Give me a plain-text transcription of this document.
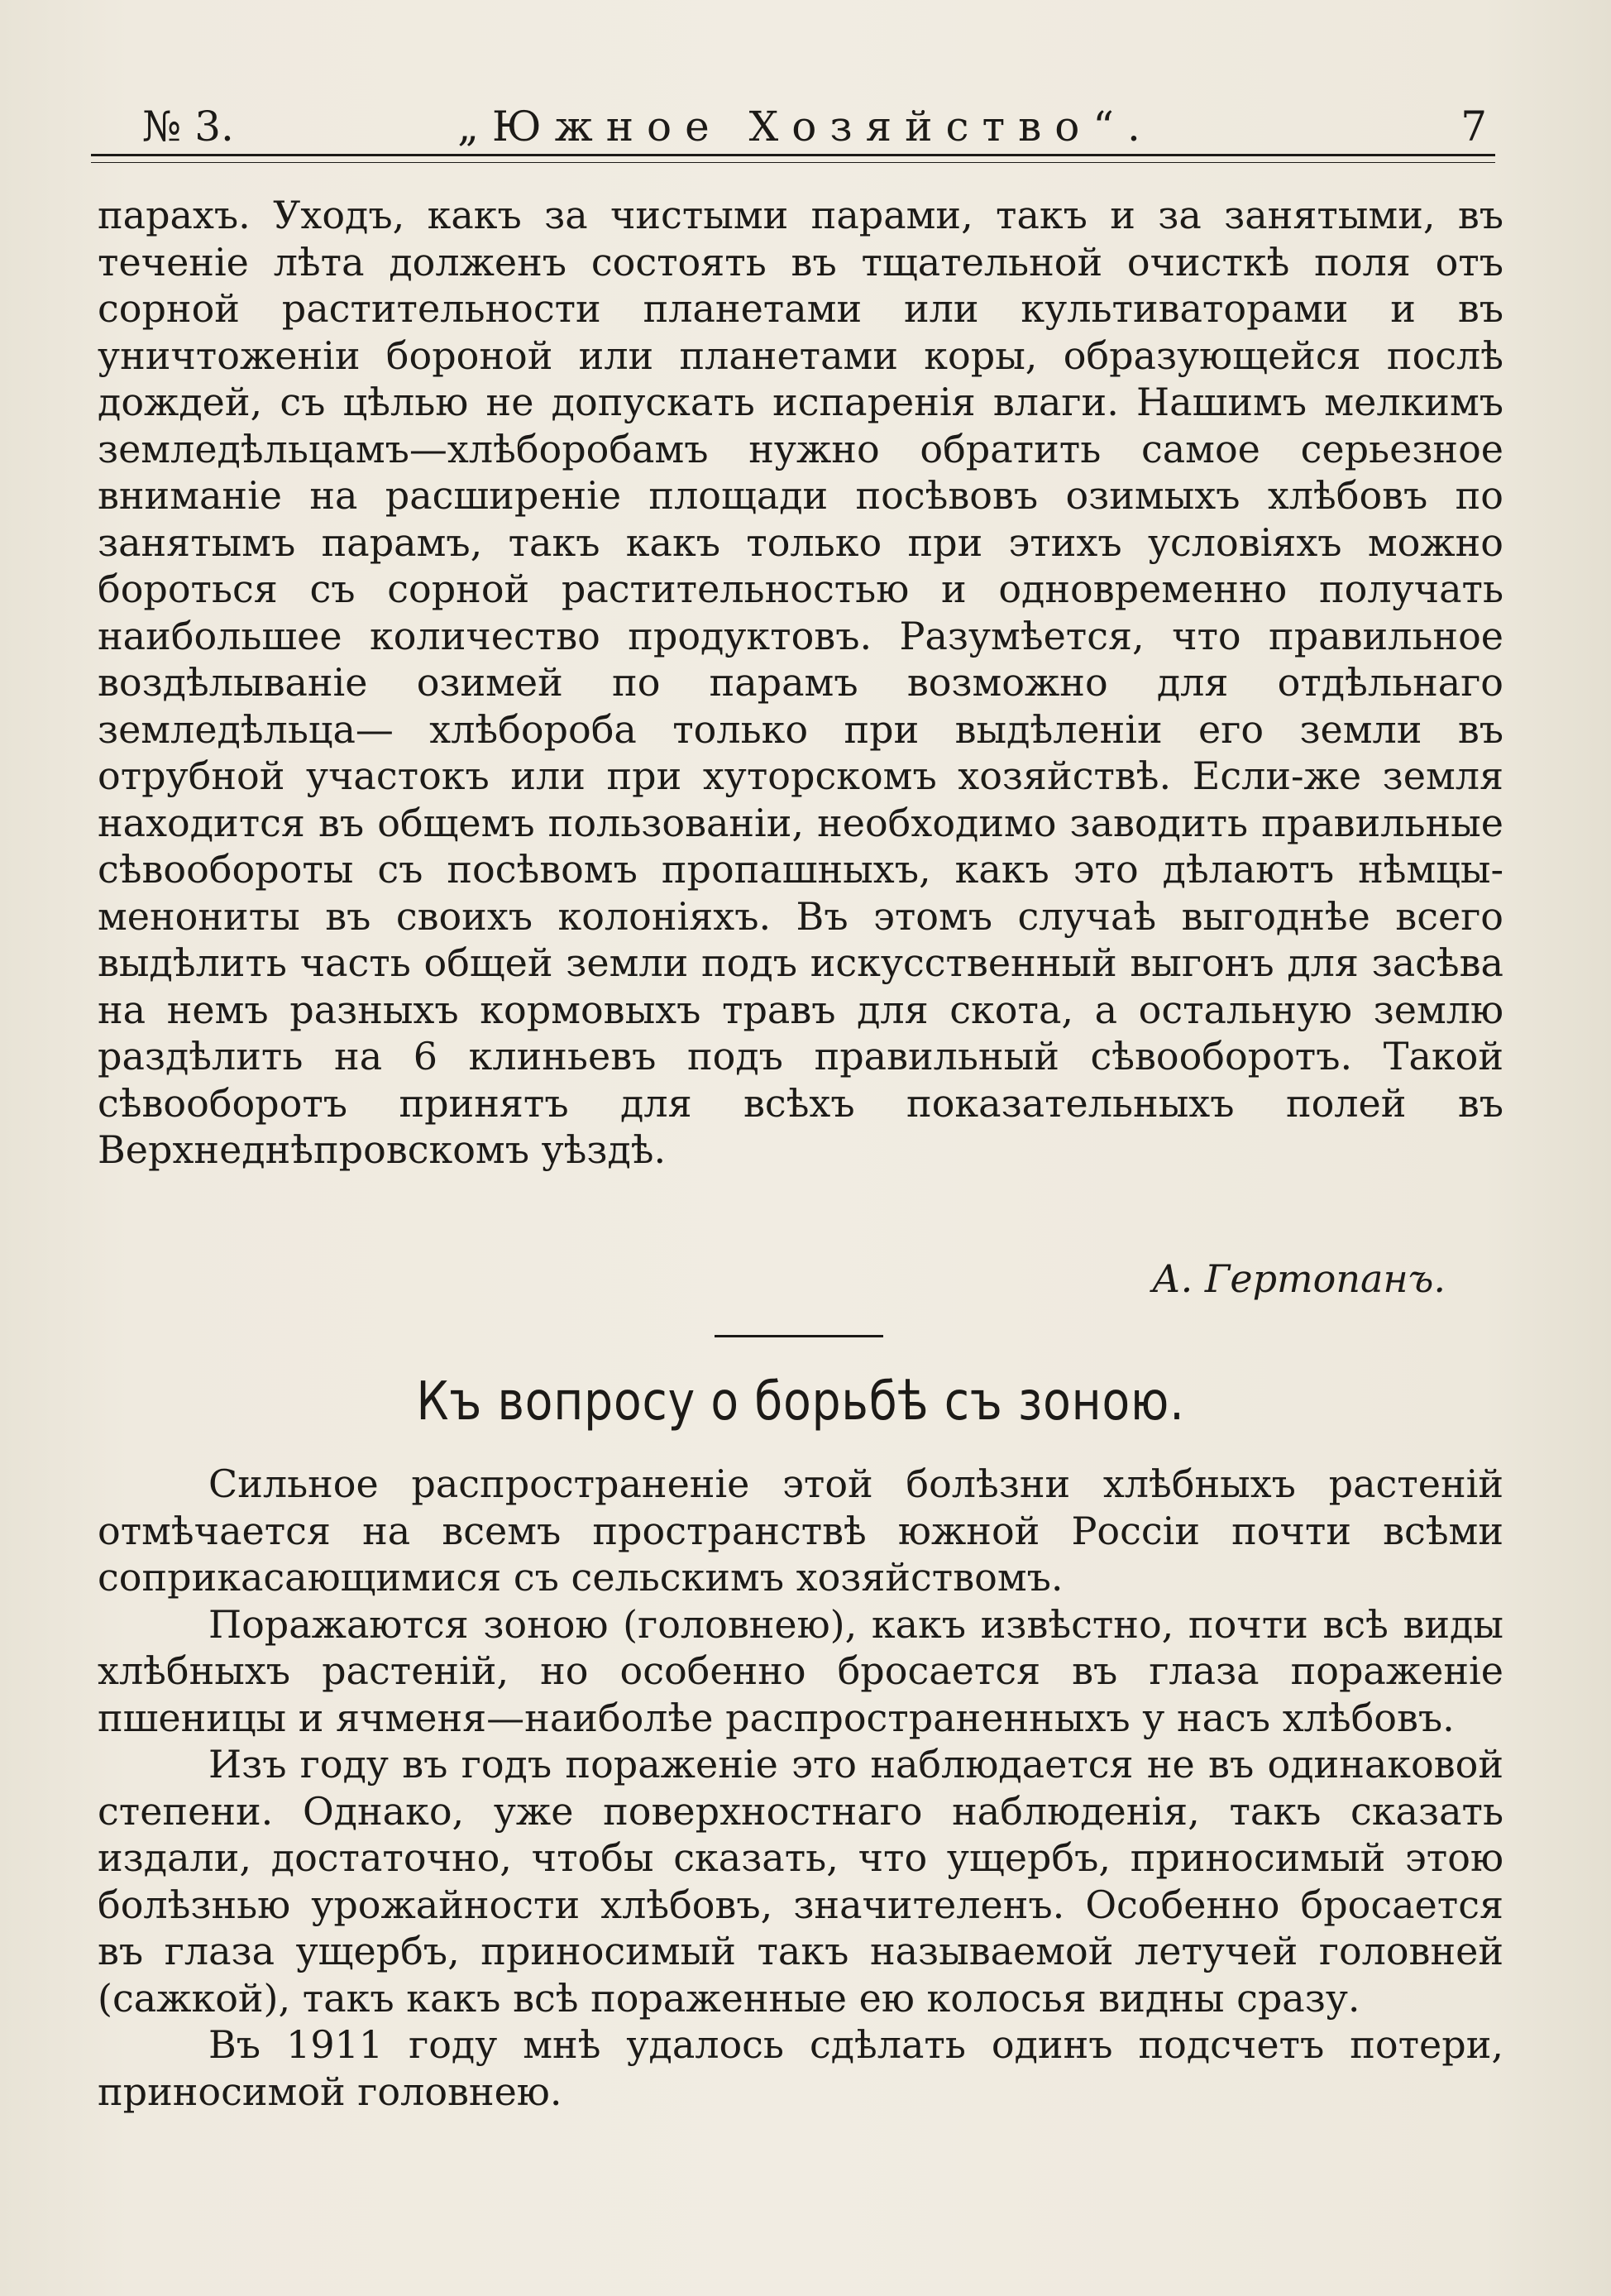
№ 3.	„Южное Хозяйство“.	7

парахъ. Уходъ, какъ за чистыми парами, такъ и за занятыми, въ теченіе лѣта долженъ состоять въ тщательной очисткѣ поля отъ сорной растительности планетами или культиваторами и въ уничтоженіи бороной или планетами коры, образующейся послѣ дождей, съ цѣлью не допускать испаренія влаги. Нашимъ мелкимъ земледѣльцамъ—хлѣборобамъ нужно обратить самое серьезное вниманіе на расширеніе площади посѣвовъ озимыхъ хлѣбовъ по занятымъ парамъ, такъ какъ только при этихъ условіяхъ можно бороться съ сорной растительностью и одновременно получать наибольшее количество продуктовъ. Разумѣется, что правильное воздѣлываніе озимей по парамъ возможно для отдѣльнаго земледѣльца— хлѣбороба только при выдѣленіи его земли въ отрубной участокъ или при хуторскомъ хозяйствѣ. Если-же земля находится въ общемъ пользованіи, необходимо заводить правильные сѣвообороты съ посѣвомъ пропашныхъ, какъ это дѣлаютъ нѣмцы-менониты въ своихъ колоніяхъ. Въ этомъ случаѣ выгоднѣе всего выдѣлить часть общей земли подъ искусственный выгонъ для засѣва на немъ разныхъ кормовыхъ травъ для скота, а остальную землю раздѣлить на 6 клиньевъ подъ правильный сѣвооборотъ. Такой сѣвооборотъ принятъ для всѣхъ показательныхъ полей въ Верхнеднѣпровскомъ уѣздѣ.

А. Гертопанъ.
Къ вопросу о борьбѣ съ зоною.

Сильное распространеніе этой болѣзни хлѣбныхъ растеній отмѣчается на всемъ пространствѣ южной Россіи почти всѣми соприкасающимися съ сельскимъ хозяйствомъ.

Поражаются зоною (головнею), какъ извѣстно, почти всѣ виды хлѣбныхъ растеній, но особенно бросается въ глаза пораженіе пшеницы и ячменя—наиболѣе распространенныхъ у насъ хлѣбовъ.

Изъ году въ годъ пораженіе это наблюдается не въ одинаковой степени. Однако, уже поверхностнаго наблюденія, такъ сказать издали, достаточно, чтобы сказать, что ущербъ, приносимый этою болѣзнью урожайности хлѣбовъ, значителенъ. Особенно бросается въ глаза ущербъ, приносимый такъ называемой летучей головней (сажкой), такъ какъ всѣ пораженные ею колосья видны сразу.

Въ 1911 году мнѣ удалось сдѣлать одинъ подсчетъ потери, приносимой головнею.
